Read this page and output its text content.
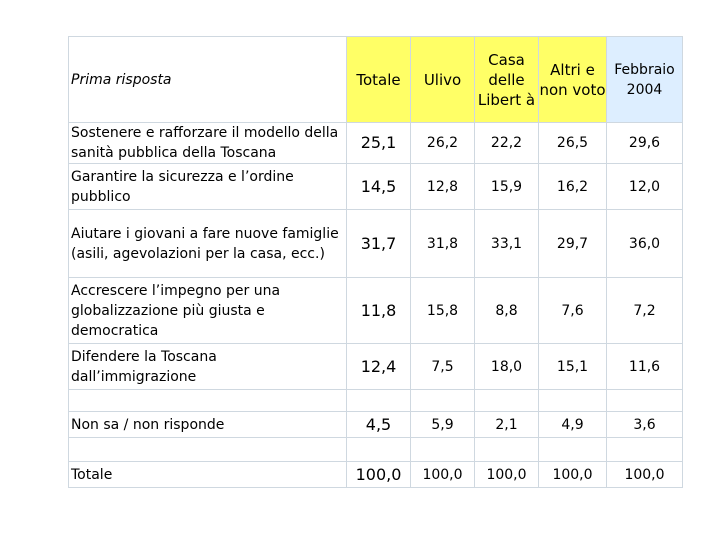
Prima risposta	Totale	Ulivo	Casa delle Libert à	Altri e non voto	Febbraio 2004
Sostenere e rafforzare il modello della sanità pubblica della Toscana	25,1	26,2	22,2	26,5	29,6
Garantire la sicurezza e l’ordine pubblico	14,5	12,8	15,9	16,2	12,0
Aiutare i giovani a fare nuove famiglie (asili, agevolazioni per la casa, ecc.)	31,7	31,8	33,1	29,7	36,0
Accrescere l’impegno per una globalizzazione più giusta e democratica	11,8	15,8	8,8	7,6	7,2
Difendere la Toscana dall’immigrazione	12,4	7,5	18,0	15,1	11,6

Non sa / non risponde	4,5	5,9	2,1	4,9	3,6

Totale	100,0	100,0	100,0	100,0	100,0
